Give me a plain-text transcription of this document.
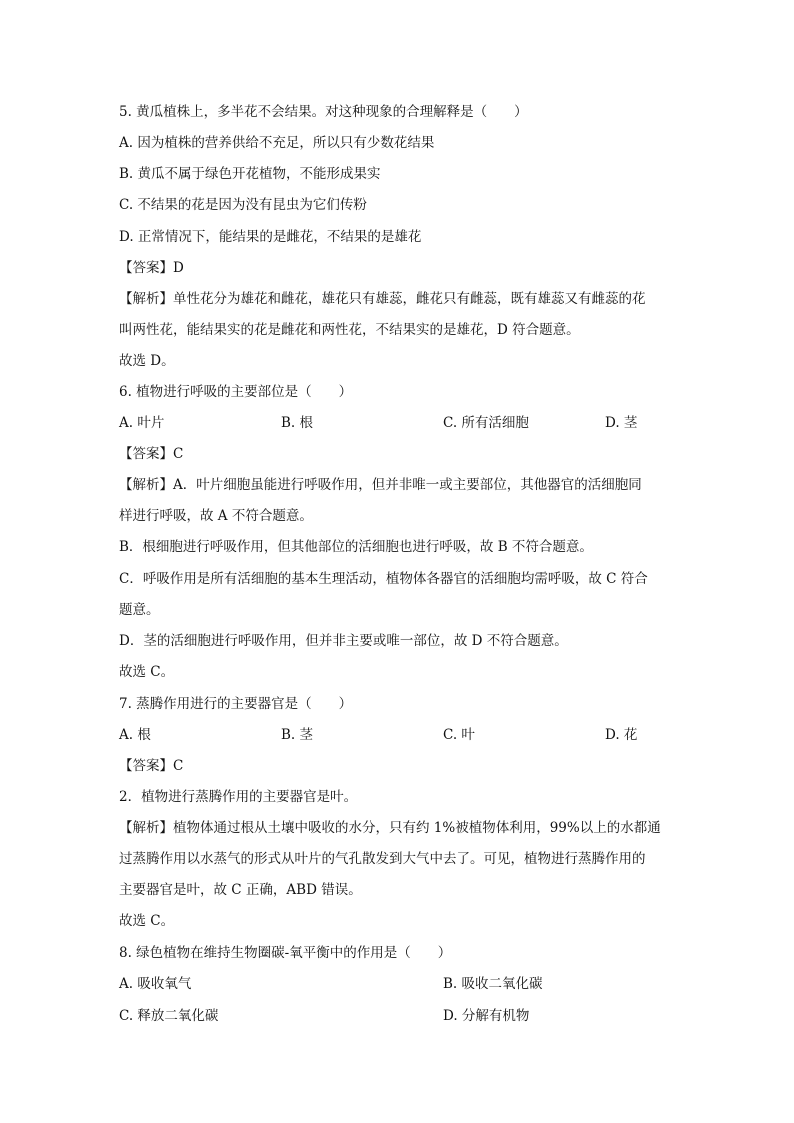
5. 黄瓜植株上，多半花不会结果。对这种现象的合理解释是（　　）
A. 因为植株的营养供给不充足，所以只有少数花结果
B. 黄瓜不属于绿色开花植物，不能形成果实
C. 不结果的花是因为没有昆虫为它们传粉
D. 正常情况下，能结果的是雌花，不结果的是雄花
【答案】D
【解析】单性花分为雄花和雌花，雄花只有雄蕊，雌花只有雌蕊，既有雄蕊又有雌蕊的花
叫两性花，能结果实的花是雌花和两性花，不结果实的是雄花，D 符合题意。
故选 D。
6. 植物进行呼吸的主要部位是（　　）
A. 叶片	B. 根	C. 所有活细胞	D. 茎
【答案】C
【解析】A．叶片细胞虽能进行呼吸作用，但并非唯一或主要部位，其他器官的活细胞同
样进行呼吸，故 A 不符合题意。
B．根细胞进行呼吸作用，但其他部位的活细胞也进行呼吸，故 B 不符合题意。
C．呼吸作用是所有活细胞的基本生理活动，植物体各器官的活细胞均需呼吸，故 C 符合
题意。
D．茎的活细胞进行呼吸作用，但并非主要或唯一部位，故 D 不符合题意。
故选 C。
7. 蒸腾作用进行的主要器官是（　　）
A. 根	B. 茎	C. 叶	D. 花
【答案】C
2．植物进行蒸腾作用的主要器官是叶。
【解析】植物体通过根从土壤中吸收的水分，只有约 1%被植物体利用，99%以上的水都通
过蒸腾作用以水蒸气的形式从叶片的气孔散发到大气中去了。可见，植物进行蒸腾作用的
主要器官是叶，故 C 正确，ABD 错误。
故选 C。
8. 绿色植物在维持生物圈碳-氧平衡中的作用是（　　）
A. 吸收氧气	B. 吸收二氧化碳
C. 释放二氧化碳	D. 分解有机物
